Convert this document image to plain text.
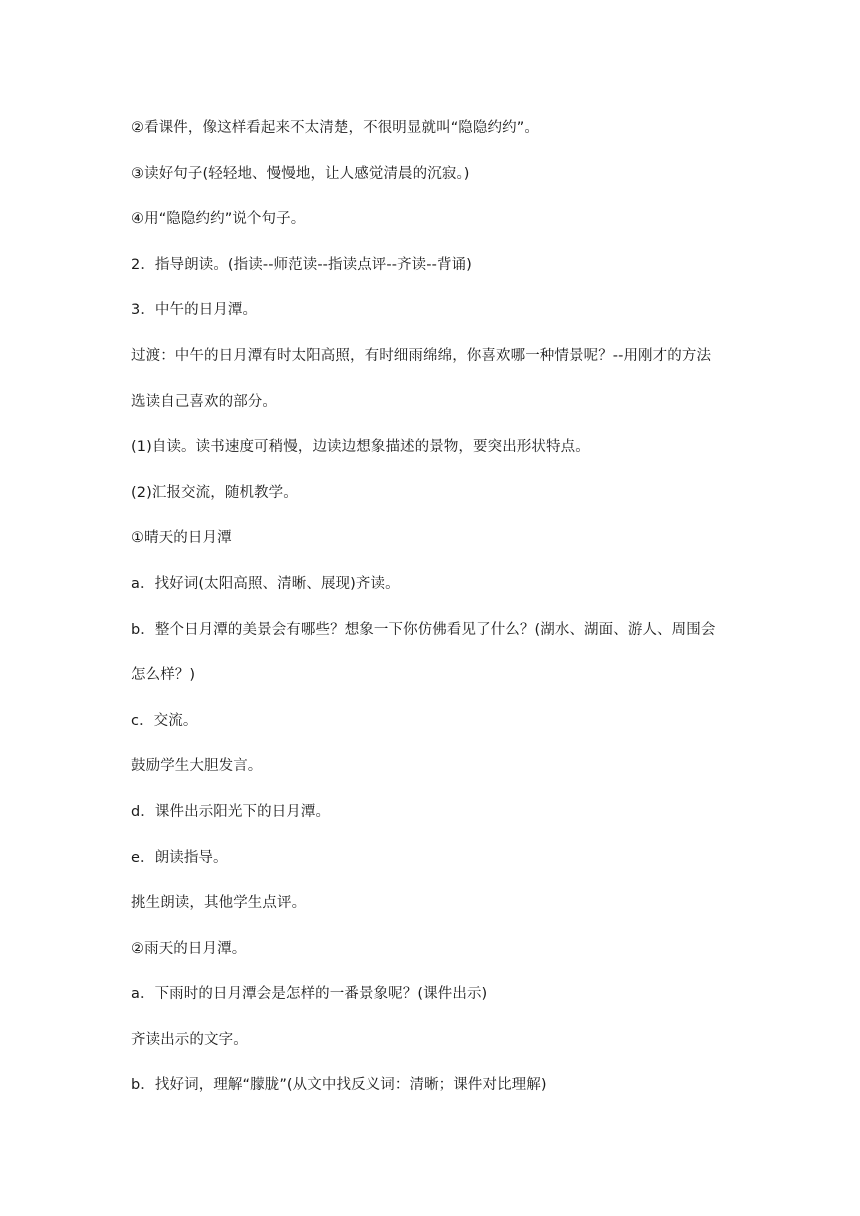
②看课件，像这样看起来不太清楚，不很明显就叫“隐隐约约”。
③读好句子(轻轻地、慢慢地，让人感觉清晨的沉寂。)
④用“隐隐约约”说个句子。
2．指导朗读。(指读--师范读--指读点评--齐读--背诵)
3．中午的日月潭。
过渡：中午的日月潭有时太阳高照，有时细雨绵绵，你喜欢哪一种情景呢？--用刚才的方法
选读自己喜欢的部分。
(1)自读。读书速度可稍慢，边读边想象描述的景物，要突出形状特点。
(2)汇报交流，随机教学。
①晴天的日月潭
a．找好词(太阳高照、清晰、展现)齐读。
b．整个日月潭的美景会有哪些？想象一下你仿佛看见了什么？(湖水、湖面、游人、周围会
怎么样？)
c．交流。
鼓励学生大胆发言。
d．课件出示阳光下的日月潭。
e．朗读指导。
挑生朗读，其他学生点评。
②雨天的日月潭。
a．下雨时的日月潭会是怎样的一番景象呢？(课件出示)
齐读出示的文字。
b．找好词，理解“朦胧”(从文中找反义词：清晰；课件对比理解)
